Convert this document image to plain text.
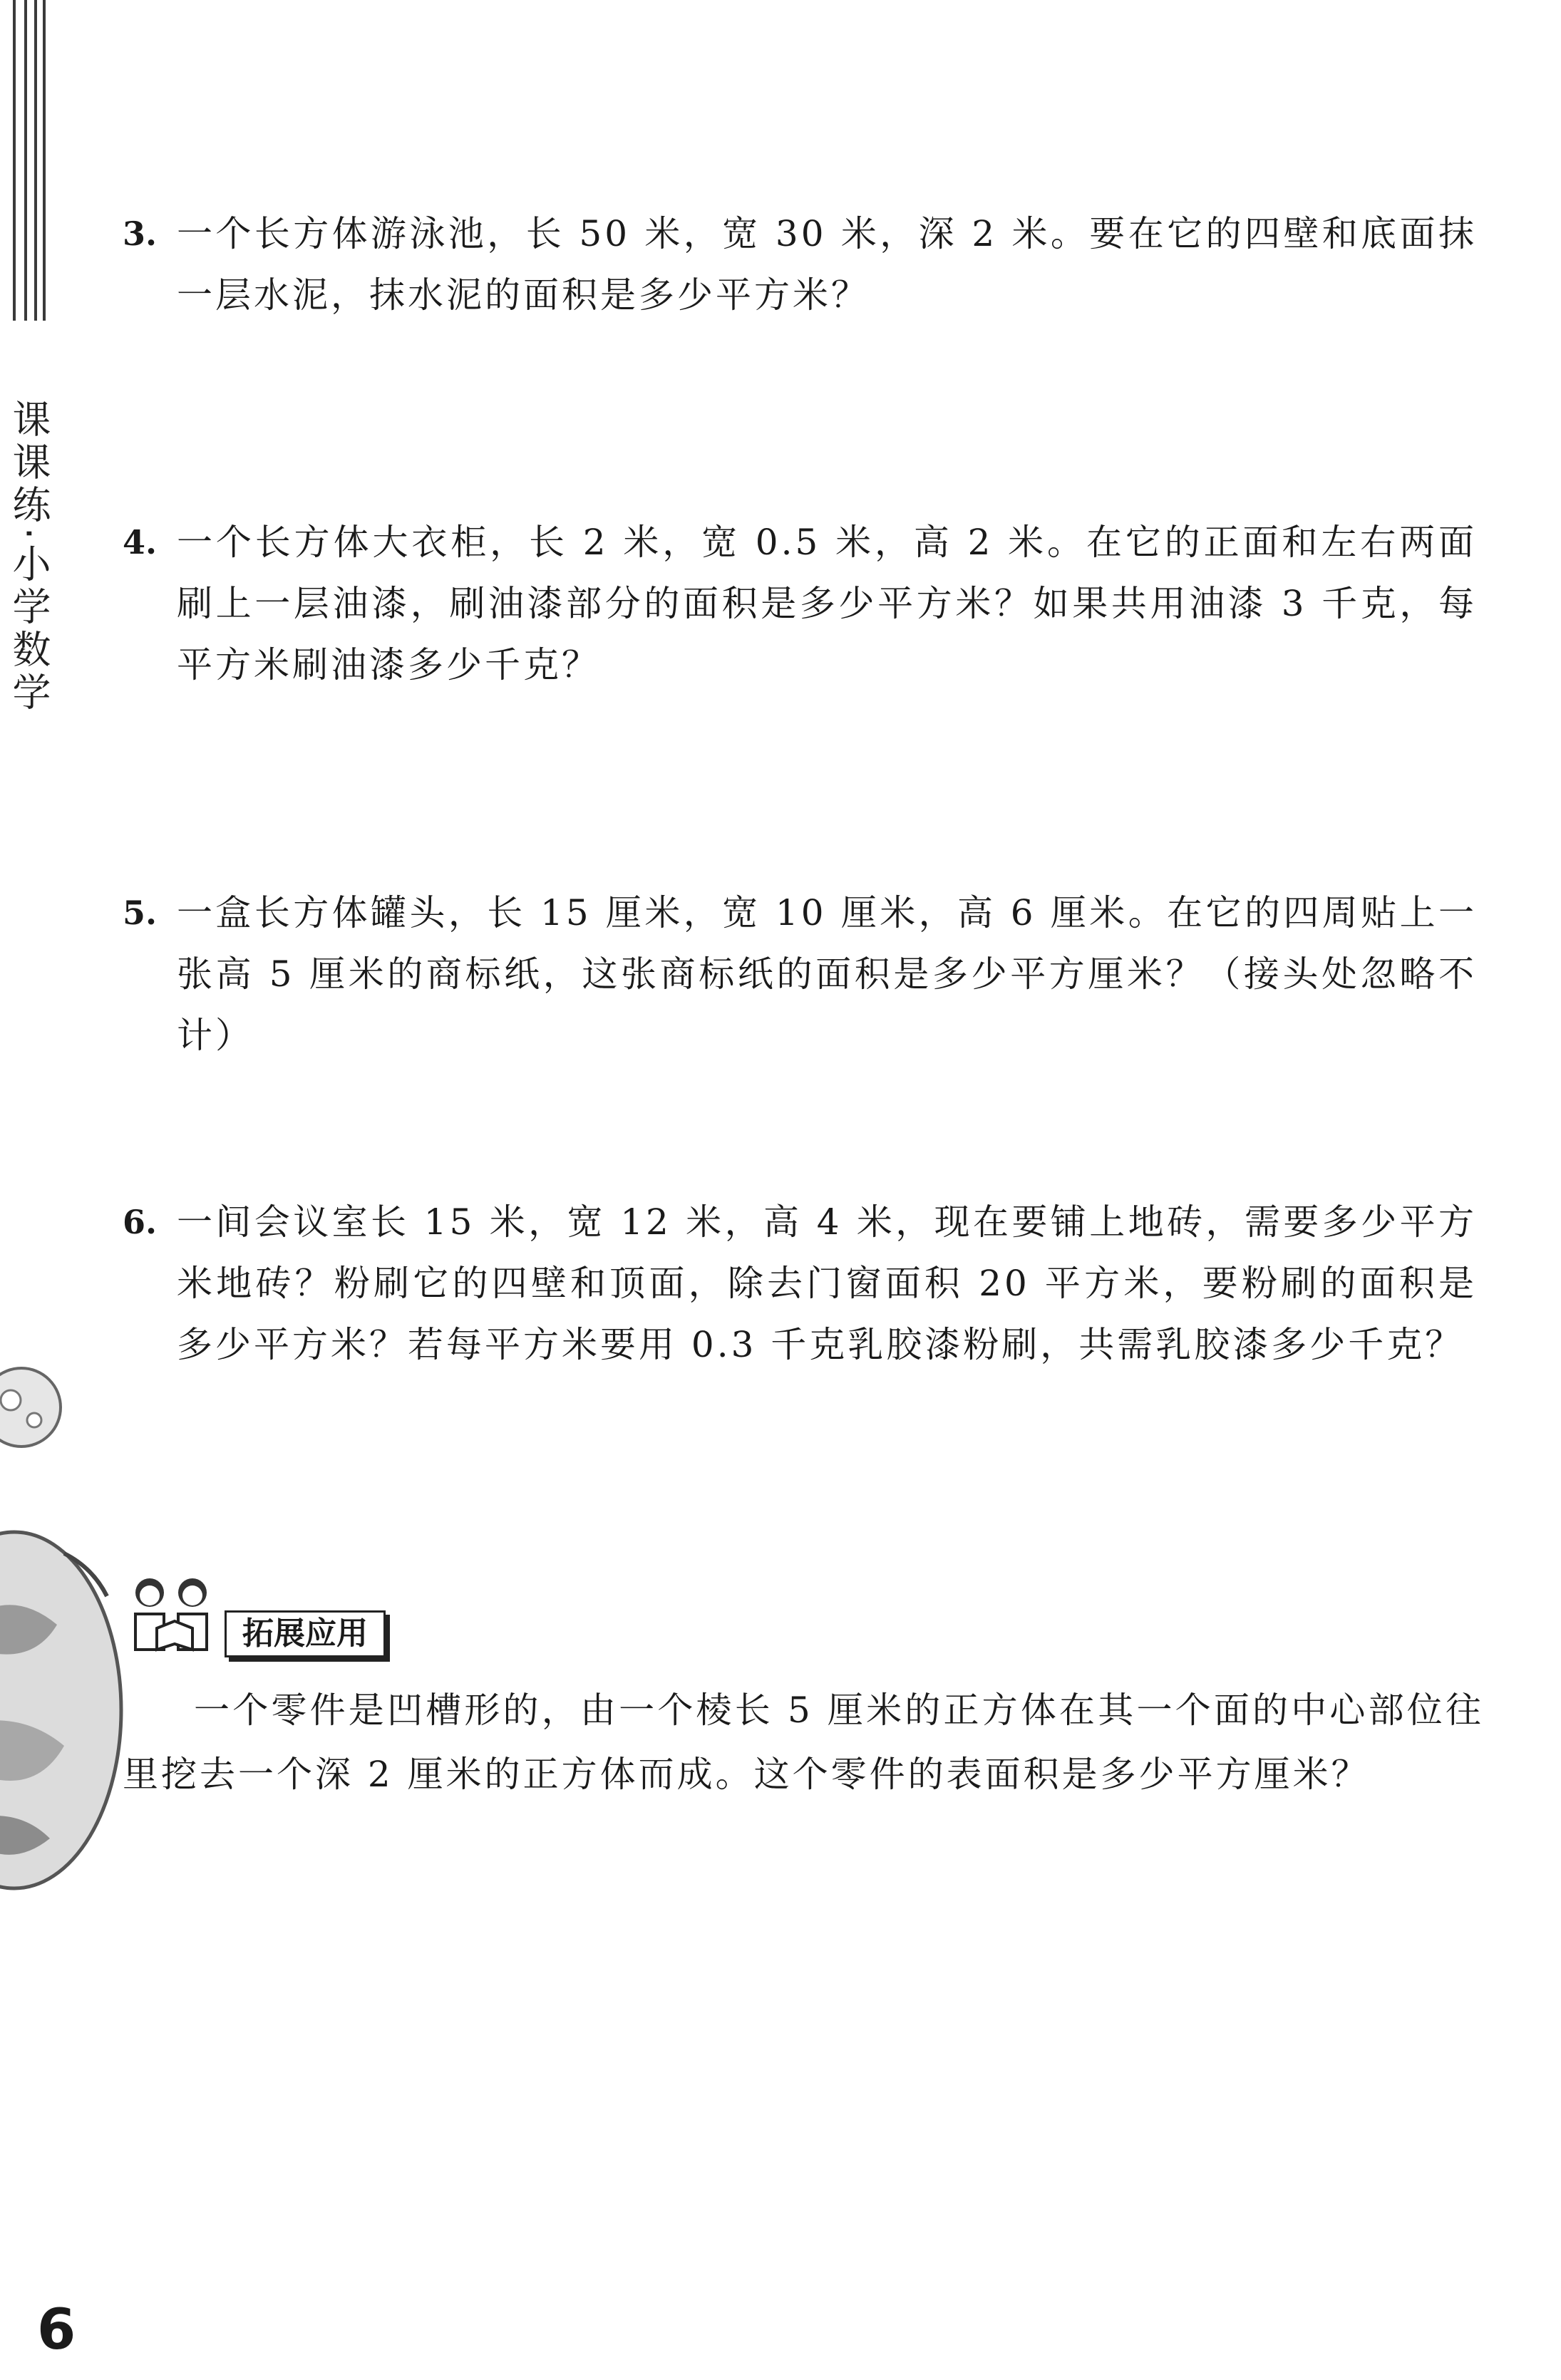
课课练·小学数学
3. 一个长方体游泳池，长 50 米，宽 30 米，深 2 米。要在它的四壁和底面抹一层水泥，抹水泥的面积是多少平方米？
4. 一个长方体大衣柜，长 2 米，宽 0.5 米，高 2 米。在它的正面和左右两面刷上一层油漆，刷油漆部分的面积是多少平方米？如果共用油漆 3 千克，每平方米刷油漆多少千克？
5. 一盒长方体罐头，长 15 厘米，宽 10 厘米，高 6 厘米。在它的四周贴上一张高 5 厘米的商标纸，这张商标纸的面积是多少平方厘米？（接头处忽略不计）
6. 一间会议室长 15 米，宽 12 米，高 4 米，现在要铺上地砖，需要多少平方米地砖？粉刷它的四壁和顶面，除去门窗面积 20 平方米，要粉刷的面积是多少平方米？若每平方米要用 0.3 千克乳胶漆粉刷，共需乳胶漆多少千克？
拓展应用
一个零件是凹槽形的，由一个棱长 5 厘米的正方体在其一个面的中心部位往里挖去一个深 2 厘米的正方体而成。这个零件的表面积是多少平方厘米？
6
